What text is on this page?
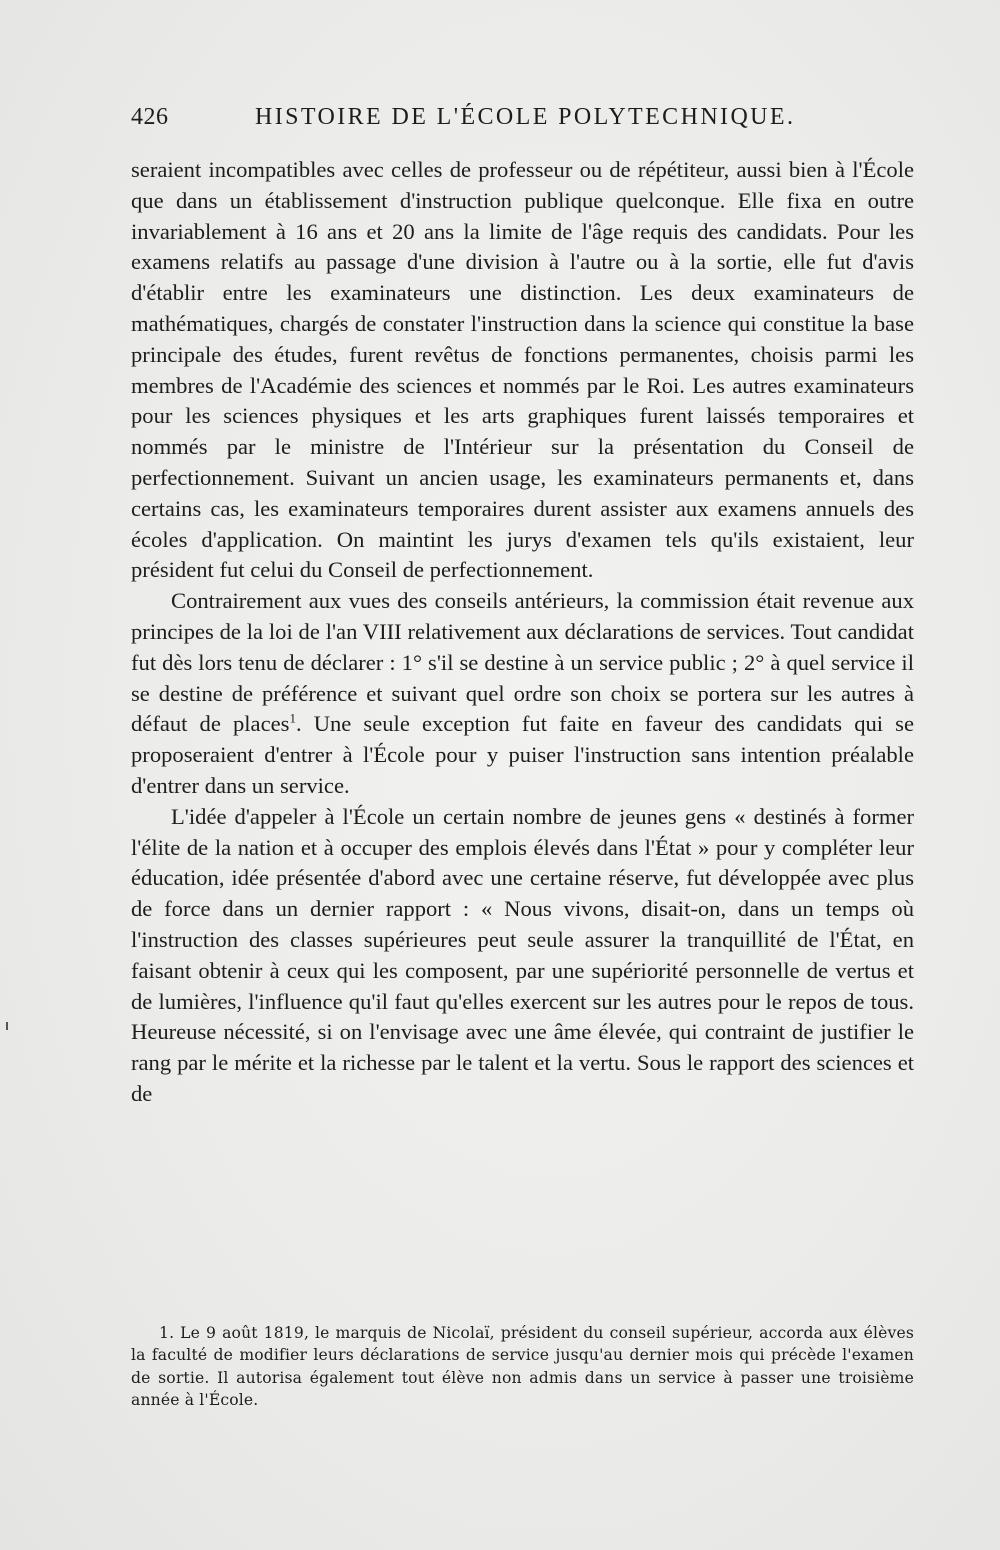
426	HISTOIRE DE L'ÉCOLE POLYTECHNIQUE.

seraient incompatibles avec celles de professeur ou de répétiteur, aussi bien à l'École que dans un établissement d'instruction publique quelconque. Elle fixa en outre invariablement à 16 ans et 20 ans la limite de l'âge requis des candidats. Pour les examens relatifs au passage d'une division à l'autre ou à la sortie, elle fut d'avis d'établir entre les examinateurs une distinction. Les deux examinateurs de mathématiques, chargés de constater l'instruction dans la science qui constitue la base principale des études, furent revêtus de fonctions permanentes, choisis parmi les membres de l'Académie des sciences et nommés par le Roi. Les autres examinateurs pour les sciences physiques et les arts graphiques furent laissés temporaires et nommés par le ministre de l'Intérieur sur la présentation du Conseil de perfectionnement. Suivant un ancien usage, les examinateurs permanents et, dans certains cas, les examinateurs temporaires durent assister aux examens annuels des écoles d'application. On maintint les jurys d'examen tels qu'ils existaient, leur président fut celui du Conseil de perfectionnement.

Contrairement aux vues des conseils antérieurs, la commission était revenue aux principes de la loi de l'an VIII relativement aux déclarations de services. Tout candidat fut dès lors tenu de déclarer : 1° s'il se destine à un service public ; 2° à quel service il se destine de préférence et suivant quel ordre son choix se portera sur les autres à défaut de places$^1$. Une seule exception fut faite en faveur des candidats qui se proposeraient d'entrer à l'École pour y puiser l'instruction sans intention préalable d'entrer dans un service.

L'idée d'appeler à l'École un certain nombre de jeunes gens « destinés à former l'élite de la nation et à occuper des emplois élevés dans l'État » pour y compléter leur éducation, idée présentée d'abord avec une certaine réserve, fut développée avec plus de force dans un dernier rapport : « Nous vivons, disait-on, dans un temps où l'instruction des classes supérieures peut seule assurer la tranquillité de l'État, en faisant obtenir à ceux qui les composent, par une supériorité personnelle de vertus et de lumières, l'influence qu'il faut qu'elles exercent sur les autres pour le repos de tous. Heureuse nécessité, si on l'envisage avec une âme élevée, qui contraint de justifier le rang par le mérite et la richesse par le talent et la vertu. Sous le rapport des sciences et de

1. Le 9 août 1819, le marquis de Nicolaï, président du conseil supérieur, accorda aux élèves la faculté de modifier leurs déclarations de service jusqu'au dernier mois qui précède l'examen de sortie. Il autorisa également tout élève non admis dans un service à passer une troisième année à l'École.
